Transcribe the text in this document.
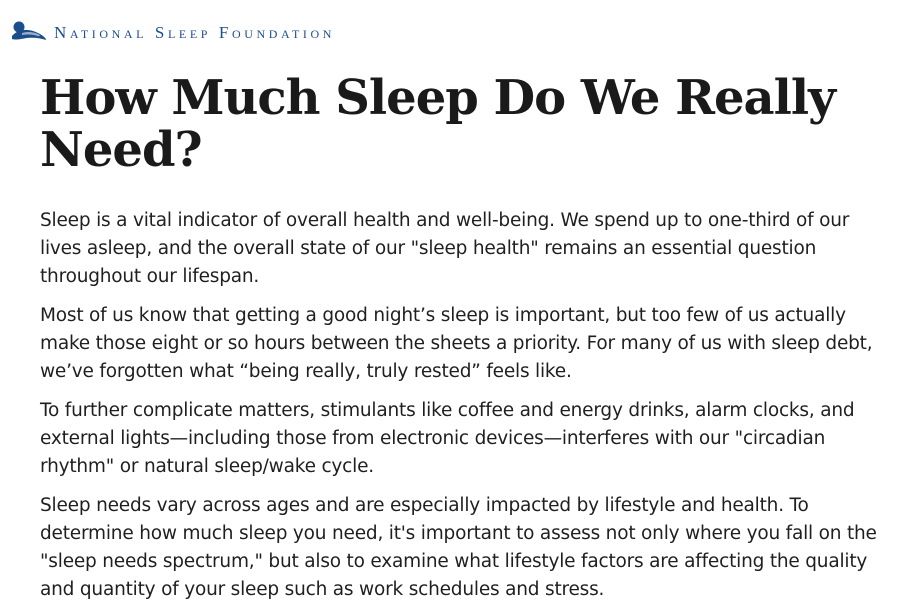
National Sleep Foundation
How Much Sleep Do We Really Need?

Sleep is a vital indicator of overall health and well-being. We spend up to one-third of our lives asleep, and the overall state of our "sleep health" remains an essential question throughout our lifespan.

Most of us know that getting a good night’s sleep is important, but too few of us actually make those eight or so hours between the sheets a priority. For many of us with sleep debt, we’ve forgotten what “being really, truly rested” feels like.

To further complicate matters, stimulants like coffee and energy drinks, alarm clocks, and external lights—including those from electronic devices—interferes with our "circadian rhythm" or natural sleep/wake cycle.

Sleep needs vary across ages and are especially impacted by lifestyle and health. To determine how much sleep you need, it's important to assess not only where you fall on the "sleep needs spectrum," but also to examine what lifestyle factors are affecting the quality and quantity of your sleep such as work schedules and stress.
